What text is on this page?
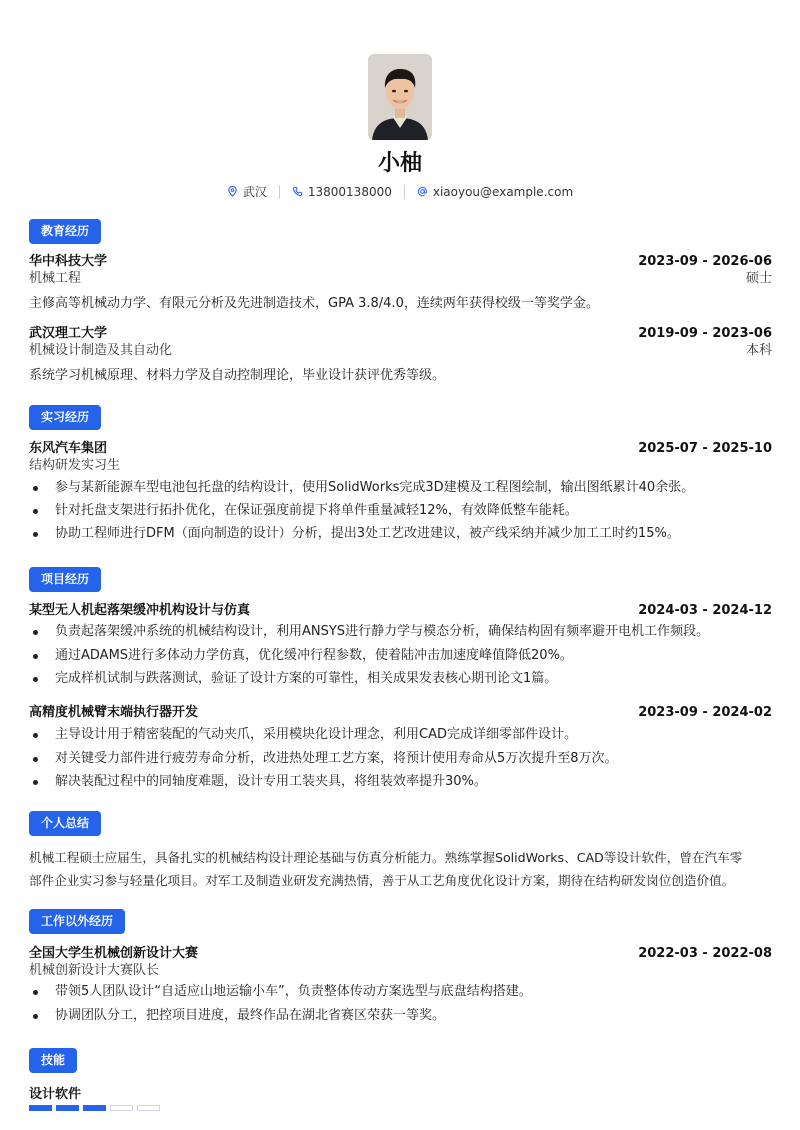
小柚
武汉	13800138000	xiaoyou@example.com
教育经历
华中科技大学	2023-09 - 2026-06
机械工程	硕士
主修高等机械动力学、有限元分析及先进制造技术，GPA 3.8/4.0，连续两年获得校级一等奖学金。
武汉理工大学	2019-09 - 2023-06
机械设计制造及其自动化	本科
系统学习机械原理、材料力学及自动控制理论，毕业设计获评优秀等级。
实习经历
东风汽车集团	2025-07 - 2025-10
结构研发实习生
参与某新能源车型电池包托盘的结构设计，使用SolidWorks完成3D建模及工程图绘制，输出图纸累计40余张。
针对托盘支架进行拓扑优化，在保证强度前提下将单件重量减轻12%，有效降低整车能耗。
协助工程师进行DFM（面向制造的设计）分析，提出3处工艺改进建议，被产线采纳并减少加工工时约15%。
项目经历
某型无人机起落架缓冲机构设计与仿真	2024-03 - 2024-12
负责起落架缓冲系统的机械结构设计，利用ANSYS进行静力学与模态分析，确保结构固有频率避开电机工作频段。
通过ADAMS进行多体动力学仿真，优化缓冲行程参数，使着陆冲击加速度峰值降低20%。
完成样机试制与跌落测试，验证了设计方案的可靠性，相关成果发表核心期刊论文1篇。
高精度机械臂末端执行器开发	2023-09 - 2024-02
主导设计用于精密装配的气动夹爪，采用模块化设计理念，利用CAD完成详细零部件设计。
对关键受力部件进行疲劳寿命分析，改进热处理工艺方案，将预计使用寿命从5万次提升至8万次。
解决装配过程中的同轴度难题，设计专用工装夹具，将组装效率提升30%。
个人总结
机械工程硕士应届生，具备扎实的机械结构设计理论基础与仿真分析能力。熟练掌握SolidWorks、CAD等设计软件，曾在汽车零
部件企业实习参与轻量化项目。对军工及制造业研发充满热情，善于从工艺角度优化设计方案，期待在结构研发岗位创造价值。
工作以外经历
全国大学生机械创新设计大赛	2022-03 - 2022-08
机械创新设计大赛队长
带领5人团队设计“自适应山地运输小车”，负责整体传动方案选型与底盘结构搭建。
协调团队分工，把控项目进度，最终作品在湖北省赛区荣获一等奖。
技能
设计软件
